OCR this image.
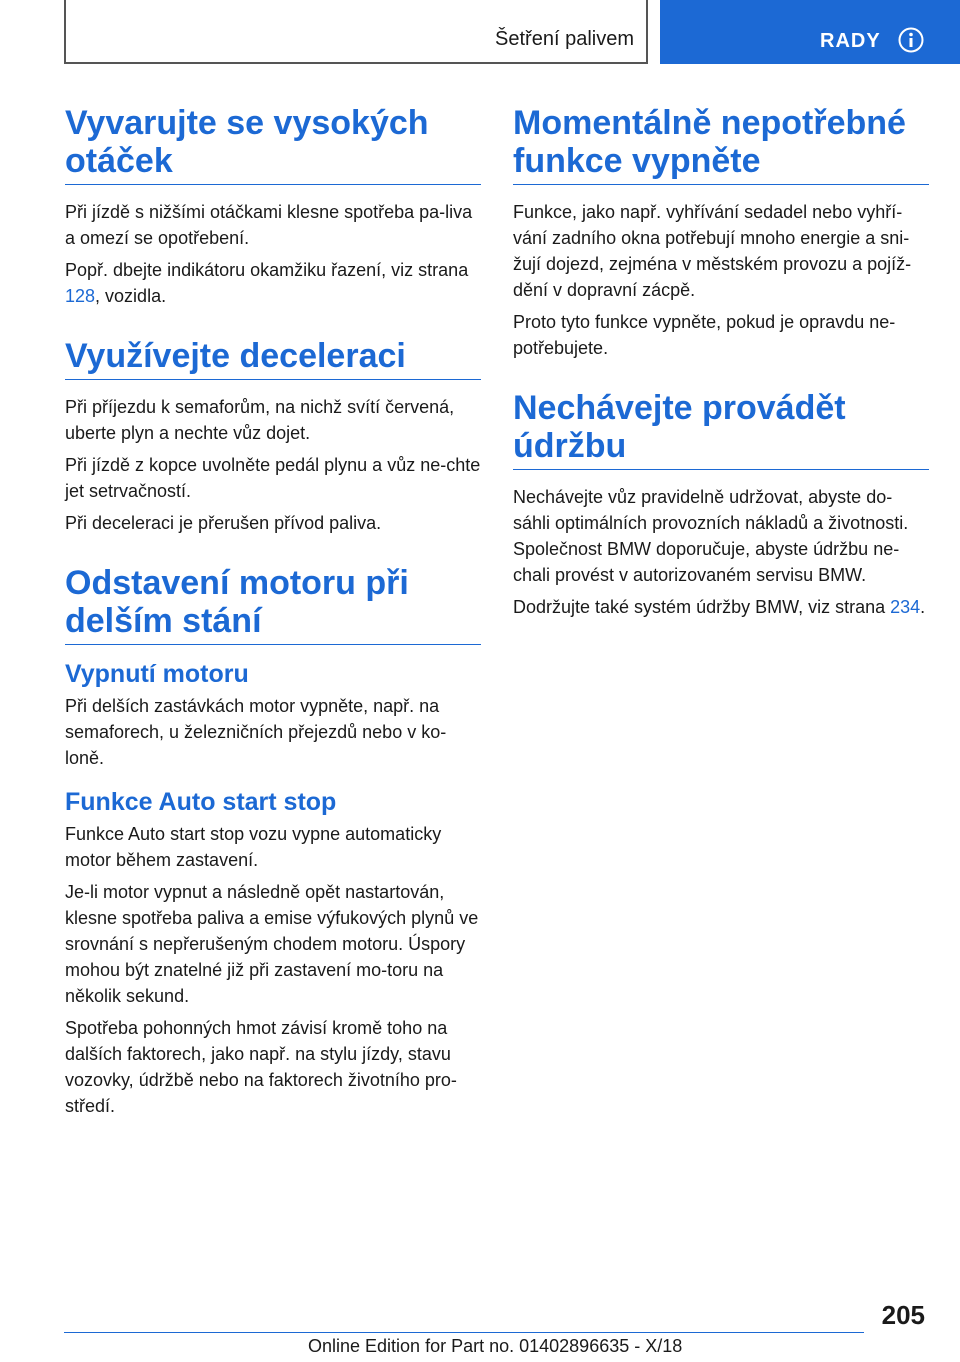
Šetření palivem	RADY
Vyvarujte se vysokých otáček

Při jízdě s nižšími otáčkami klesne spotřeba pa‐liva a omezí se opotřebení.

Popř. dbejte indikátoru okamžiku řazení, viz strana 128, vozidla.

Využívejte deceleraci

Při příjezdu k semaforům, na nichž svítí červená, uberte plyn a nechte vůz dojet.

Při jízdě z kopce uvolněte pedál plynu a vůz ne‐chte jet setrvačností.

Při deceleraci je přerušen přívod paliva.

Odstavení motoru při delším stání
Vypnutí motoru

Při delších zastávkách motor vypněte, např. na semaforech, u železničních přejezdů nebo v ko‐loně.

Funkce Auto start stop

Funkce Auto start stop vozu vypne automaticky motor během zastavení.

Je-li motor vypnut a následně opět nastartován, klesne spotřeba paliva a emise výfukových plynů ve srovnání s nepřerušeným chodem motoru. Úspory mohou být znatelné již při zastavení mo‐toru na několik sekund.

Spotřeba pohonných hmot závisí kromě toho na dalších faktorech, jako např. na stylu jízdy, stavu vozovky, údržbě nebo na faktorech životního pro‐středí.

Momentálně nepotřebné funkce vypněte

Funkce, jako např. vyhřívání sedadel nebo vyhří‐vání zadního okna potřebují mnoho energie a sni‐žují dojezd, zejména v městském provozu a pojíž‐dění v dopravní zácpě.

Proto tyto funkce vypněte, pokud je opravdu ne‐potřebujete.

Nechávejte provádět údržbu

Nechávejte vůz pravidelně udržovat, abyste do‐sáhli optimálních provozních nákladů a životnosti. Společnost BMW doporučuje, abyste údržbu ne‐chali provést v autorizovaném servisu BMW.

Dodržujte také systém údržby BMW, viz strana 234.

205
Online Edition for Part no. 01402896635 - X/18
